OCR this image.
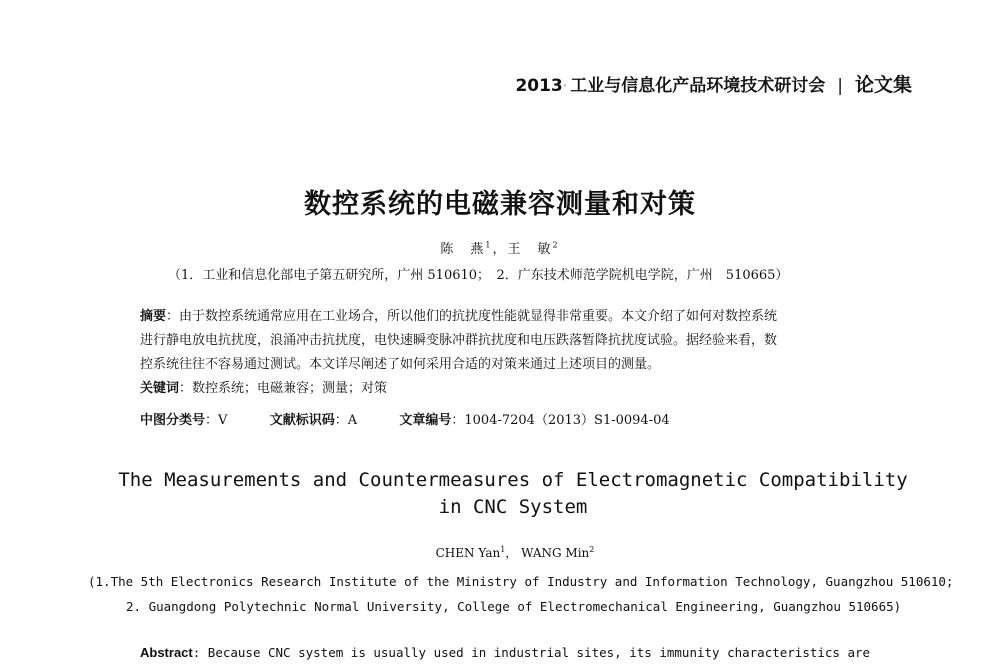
2013 ˈ 工业与信息化产品环境技术研讨会 | 论文集
数控系统的电磁兼容测量和对策
陈　燕$^1$，王　敏$^2$
（1．工业和信息化部电子第五研究所，广州 510610；　2．广东技术师范学院机电学院，广州　510665）

摘要：由于数控系统通常应用在工业场合，所以他们的抗扰度性能就显得非常重要。本文介绍了如何对数控系统

进行静电放电抗扰度，浪涌冲击抗扰度，电快速瞬变脉冲群抗扰度和电压跌落暂降抗扰度试验。据经验来看，数

控系统往往不容易通过测试。本文详尽阐述了如何采用合适的对策来通过上述项目的测量。

关键词：数控系统；电磁兼容；测量；对策

中图分类号：V	文献标识码：A	文章编号：1004-7204（2013）S1-0094-04

The Measurements and Countermeasures of Electromagnetic Compatibility

in CNC System

CHEN Yan$^1$， WANG Min$^2$

(1.The 5th Electronics Research Institute of the Ministry of Industry and Information Technology, Guangzhou 510610;

2. Guangdong Polytechnic Normal University, College of Electromechanical Engineering, Guangzhou 510665)

Abstract: Because CNC system is usually used in industrial sites, its immunity characteristics are
